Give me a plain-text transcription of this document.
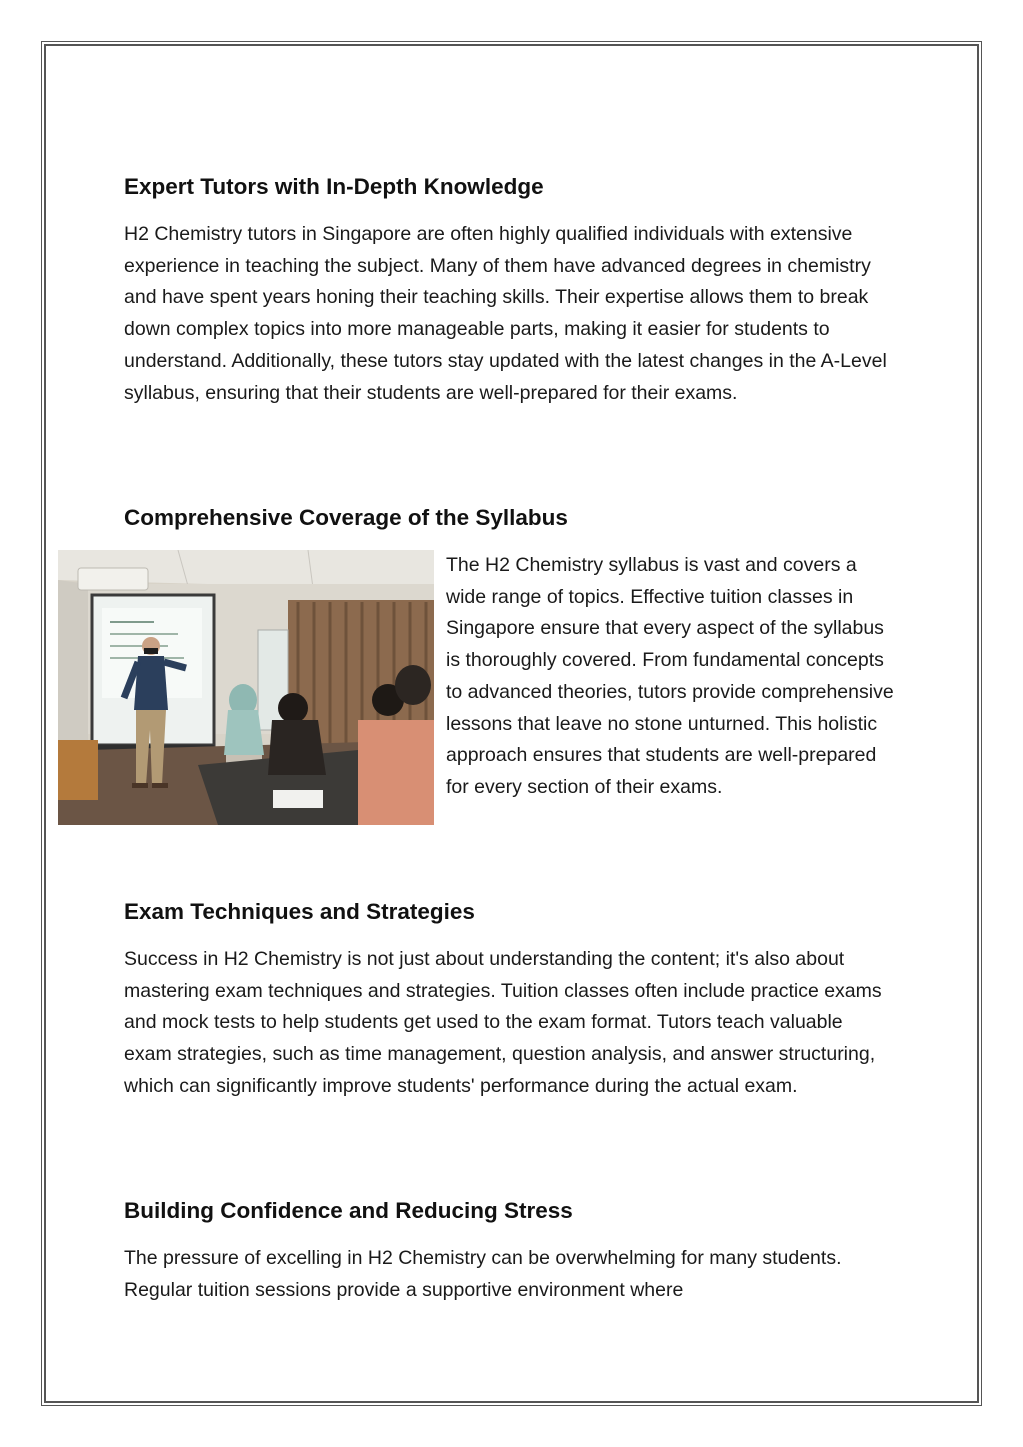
Expert Tutors with In-Depth Knowledge

H2 Chemistry tutors in Singapore are often highly qualified individuals with extensive experience in teaching the subject. Many of them have advanced degrees in chemistry and have spent years honing their teaching skills. Their expertise allows them to break down complex topics into more manageable parts, making it easier for students to understand. Additionally, these tutors stay updated with the latest changes in the A-Level syllabus, ensuring that their students are well-prepared for their exams.

Comprehensive Coverage of the Syllabus

The H2 Chemistry syllabus is vast and covers a wide range of topics. Effective tuition classes in Singapore ensure that every aspect of the syllabus is thoroughly covered. From fundamental concepts to advanced theories, tutors provide comprehensive lessons that leave no stone unturned. This holistic approach ensures that students are well-prepared for every section of their exams.

Exam Techniques and Strategies

Success in H2 Chemistry is not just about understanding the content; it's also about mastering exam techniques and strategies. Tuition classes often include practice exams and mock tests to help students get used to the exam format. Tutors teach valuable exam strategies, such as time management, question analysis, and answer structuring, which can significantly improve students' performance during the actual exam.

Building Confidence and Reducing Stress

The pressure of excelling in H2 Chemistry can be overwhelming for many students. Regular tuition sessions provide a supportive environment where
